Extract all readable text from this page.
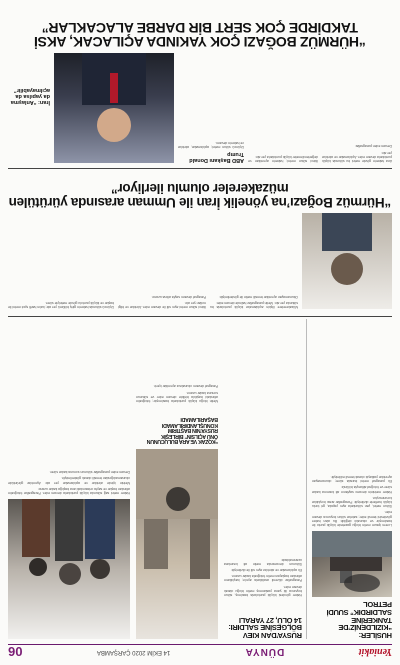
Yeniakit
DÜNYA
14 EKİM 2020 ÇARŞAMBA
06
HUSİLER: “KIZILDENİZ’DE TANKERİNE SALDIRDIK” SUUDİ PETROL

Lorem ipsum metin bloğu gazetede küçük punto ile basılmıştır ve okunaklı değildir. Bu alan haber gövdesini temsil eder; satırlar sütun boyunca devam eder.

Sütun metni, yan sütunlarla aynı yapıda, gri tonlu küçük harflerle dizilmiştir. Paragraflar arası boşluklar korunmuştur.

Haber metninin devamı sayfanın alt kısmına kadar sürer ve fotoğraf altlarıyla bölünür.

Ek paragraf metni burada sürer; okunamayan ayrıntılar yaklaşık olarak temsil edilmiştir.

RUSYA’DAN KIEV BÖLGESİNE SALDIRI: 14 ÖLÜ, 27 YARALI

Haber gövdesi küçük puntolarla basılmış, sütun boyunca iki yana yaslanmış metin bloğu olarak devam eder.

Paragraflar düzenli aralıklarla ayrılır; başlıkların altından başlayan metin fotoğrafa kadar uzanır.

Ek açıklamalar ve alıntılar aynı stil ile dizilmiştir.

Sütunun devamında metin alt kısımlara uzanmaktadır.

“KOZAK VE ARA BULUCUNUN ÖNÜ AÇILSIN” BİRLEŞİK RUSYA’NIN BAŞTIRIM KONUŞLANDIRILAMADI BAŞARILAMADI

Metin bloğu küçük puntolarla basılmıştır; fotoğrafın altındaki başlıkla birlikte devam eder ve sütunun sonuna kadar uzanır.

Paragraf devamı okunaksız ayrıntılar içerir.

Haber metni sağ sütunda küçük puntolarla devam eder. Paragraflar fotoğrafın altından başlar ve sayfa ortasındaki ana başlığa kadar uzanır.

Metnin içinde alıntılar ve açıklamalar yer alır. Ayrıntılar görüntüde okunamadığından temsili olarak gösterilmiştir.

Devam eden paragraflar sütunun sonuna kadar sürer.

Müzakerelere ilişkin açıklamalar küçük puntolarla bu sütunda yer alır. Metin paragraflar halinde devam eder.

Okunamayan ayrıntılar temsili metin ile gösterilmiştir.

İkinci sütun metni aynı stil ile devam eder. Alıntılar ve bilgi notları yer alır.

Paragraf devamı sayfa altına uzanır.

Üçüncü sütunda haberin giriş bölümü yer alır; kalın harfli spot metni ile başlar ve küçük puntolu gövde metniyle sürer.

“Hürmüz Boğazı’na yönelik İran ile Umman arasında yürütülen müzakereler olumlu ilerliyor”

Ana haberin gövde metni bu sütunda küçük puntolarla devam eder. Açıklamalar ve alıntılar yer alır.

Devam eden paragraflar.

İkinci sütun metni; haberin ayrıntıları ve değerlendirmeler küçük puntolarla yer alır.

ABD Başkanı Donald Trump

Üçüncü sütun metni; açıklamalar, alıntılar ve haberin devamı.

İran: “Anlaşma da yapılsa da açılmayabilir”
“HÜRMÜZ BOĞAZI ÇOK YAKINDA AÇILACAK, AKSİ TAKDİRDE ÇOK SERT BİR DARBE ALACAKLAR”
